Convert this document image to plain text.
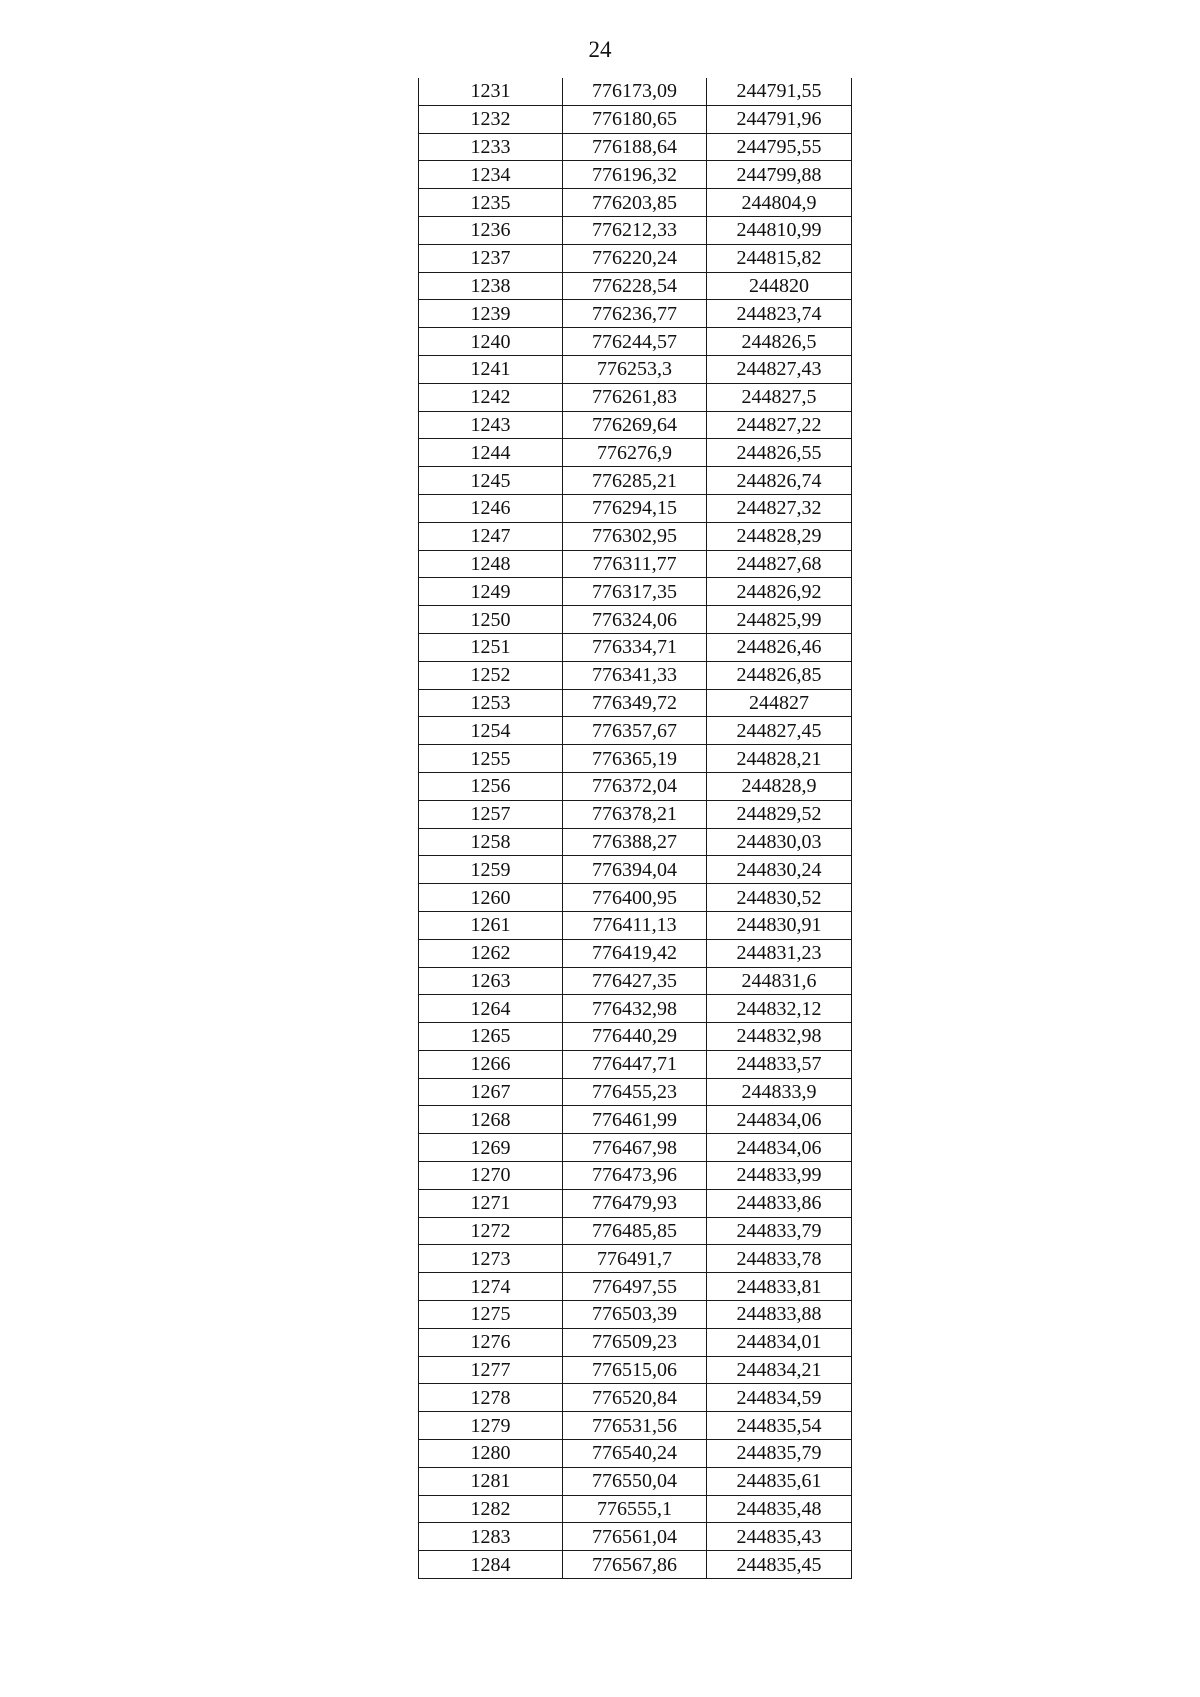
24
1231	776173,09	244791,55
1232	776180,65	244791,96
1233	776188,64	244795,55
1234	776196,32	244799,88
1235	776203,85	244804,9
1236	776212,33	244810,99
1237	776220,24	244815,82
1238	776228,54	244820
1239	776236,77	244823,74
1240	776244,57	244826,5
1241	776253,3	244827,43
1242	776261,83	244827,5
1243	776269,64	244827,22
1244	776276,9	244826,55
1245	776285,21	244826,74
1246	776294,15	244827,32
1247	776302,95	244828,29
1248	776311,77	244827,68
1249	776317,35	244826,92
1250	776324,06	244825,99
1251	776334,71	244826,46
1252	776341,33	244826,85
1253	776349,72	244827
1254	776357,67	244827,45
1255	776365,19	244828,21
1256	776372,04	244828,9
1257	776378,21	244829,52
1258	776388,27	244830,03
1259	776394,04	244830,24
1260	776400,95	244830,52
1261	776411,13	244830,91
1262	776419,42	244831,23
1263	776427,35	244831,6
1264	776432,98	244832,12
1265	776440,29	244832,98
1266	776447,71	244833,57
1267	776455,23	244833,9
1268	776461,99	244834,06
1269	776467,98	244834,06
1270	776473,96	244833,99
1271	776479,93	244833,86
1272	776485,85	244833,79
1273	776491,7	244833,78
1274	776497,55	244833,81
1275	776503,39	244833,88
1276	776509,23	244834,01
1277	776515,06	244834,21
1278	776520,84	244834,59
1279	776531,56	244835,54
1280	776540,24	244835,79
1281	776550,04	244835,61
1282	776555,1	244835,48
1283	776561,04	244835,43
1284	776567,86	244835,45
